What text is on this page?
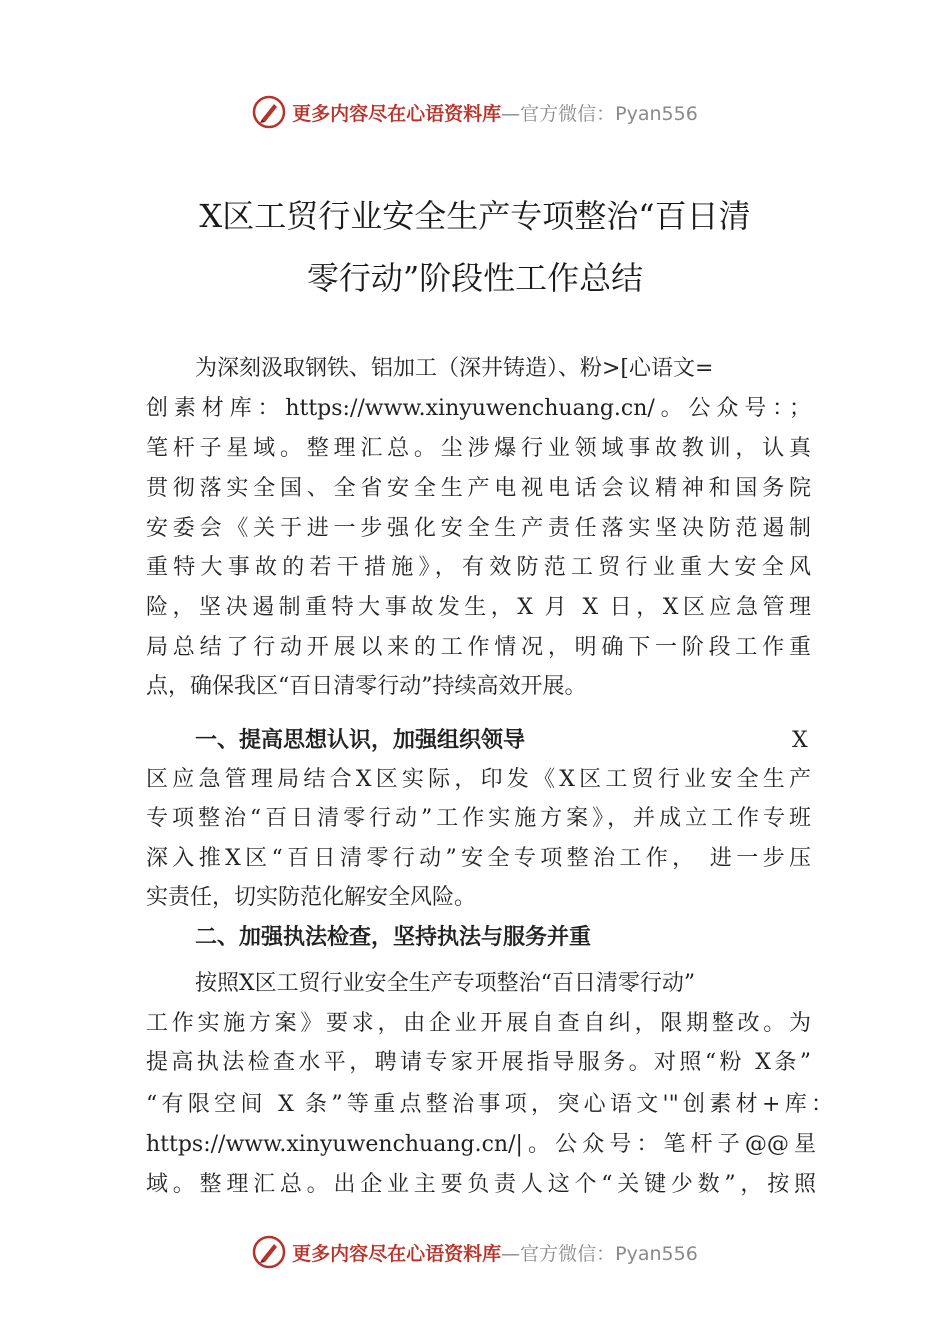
更多内容尽在心语资料库 —官方微信：Pyan556
X区工贸行业安全生产专项整治“百日清
零行动”阶段性工作总结

为深刻汲取钢铁、铝加工（深井铸造）、粉>[心语文=

创素材库：https://www.xinyuwenchuang.cn/。公众号：；

笔杆子星域。整理汇总。尘涉爆行业领域事故教训，认真

贯彻落实全国、全省安全生产电视电话会议精神和国务院

安委会《关于进一步强化安全生产责任落实坚决防范遏制

重特大事故的若干措施》，有效防范工贸行业重大安全风

险，坚决遏制重特大事故发生，X 月 X 日，X区应急管理

局总结了行动开展以来的工作情况，明确下一阶段工作重

点，确保我区“百日清零行动”持续高效开展。

一、提高思想认识，加强组织领导	X

区应急管理局结合X区实际，印发《X区工贸行业安全生产

专项整治“百日清零行动”工作实施方案》，并成立工作专班

深入推X区“百日清零行动”安全专项整治工作， 进一步压

实责任，切实防范化解安全风险。

二、加强执法检查，坚持执法与服务并重

按照X区工贸行业安全生产专项整治“百日清零行动”

工作实施方案》要求，由企业开展自查自纠，限期整改。为

提高执法检查水平，聘请专家开展指导服务。对照“粉 X条”

“有限空间 X 条”等重点整治事项，突心语文'"创素材+库：

https://www.xinyuwenchuang.cn/|。公众号：笔杆子@@星

域。整理汇总。出企业主要负责人这个“关键少数”，按照

更多内容尽在心语资料库 —官方微信：Pyan556
